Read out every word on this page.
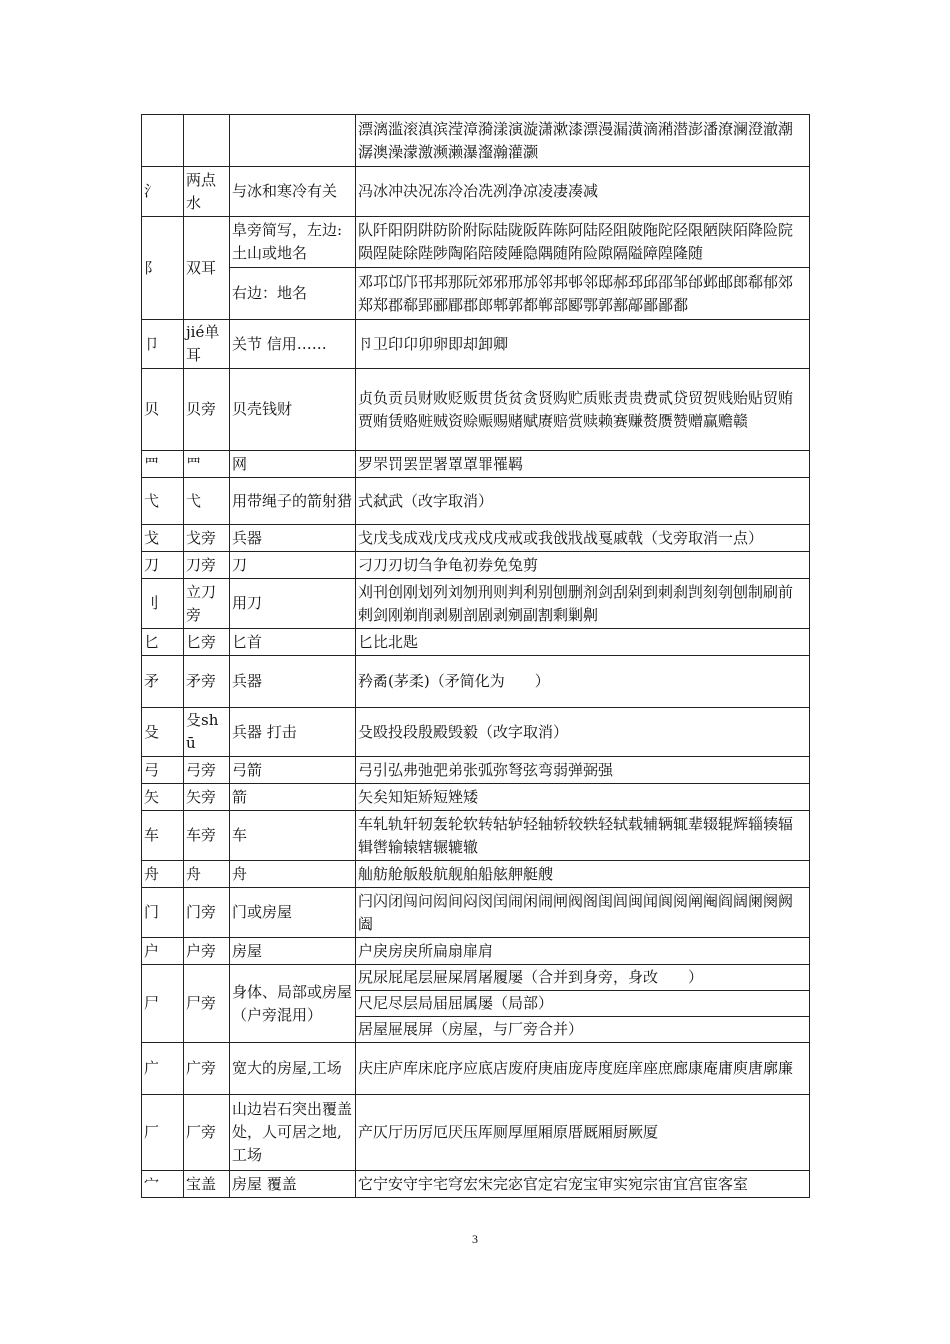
			漂漓滥滚滇滨滢漳漪漾演漩潇漱漆漂漫漏潢滴潲潜澎潘潦澜澄澈潮潺澳澡濛激濒濑瀑瀣瀚灌灏
氵	两点水	与冰和寒冷有关	冯冰冲决况冻冷冶冼冽净凉凌凄凑减
阝	双耳	阜旁简写，左边:土山或地名	队阡阳阴阱防阶附际陆陇阪阵陈阿陆陉阻陂陁陀陉限陋陕陌降险院陨陧陡除陛陟陶陷陪陵陲隐隅随陏险隙隔隘障隍隆随
		右边：地名	邓邛邙邝邗邦那阮郊邪邢邡邻邦邨邻邸郝邳邱邵邹邰邺邮郎郗郁郊郑郑郡郗郢郦郿郡郎郫郭都郸部郾鄂郭鄯鄗鄙鄙鄱
卩	jié单耳	关节 信用……	卪卫印卬卯卵即却卸卿
贝	贝旁	贝壳钱财	贞负贡员财败贬贩贯货贫贪贤购贮质账责贵费贰贷贸贺贱贻贴贸贿贾贿赁赂赃贼资赊赈赐赌赋赓赔赏赎赖赛赚赘赝赞赠赢赡赣
罒	罒	网	罗罘罚罢罡署罩罩罪罹羁
弋	弋	用带绳子的箭射猎	式弑武（改字取消）
戈	戈旁	兵器	戈戊戋成戏戊戌戎戍戌戒或我戗戕战戛戚戟（戈旁取消一点）
刀	刀旁	刀	刁刀刃切刍争龟初券免兔剪
刂	立刀旁	用刀	刈刊创刚划列刘刎刑则判利别刨删剂剑刮剁到刺刹剀刻刳刨制刷前剌剑刚剃削剥剔剖剧剥剜副割剩剿劓
匕	匕旁	匕首	匕比北匙
矛	矛旁	兵器	矜矞(茅柔)（矛简化为　　）
殳	殳shū	兵器 打击	殳殴投段殷殿毁毅（改字取消）
弓	弓旁	弓箭	弓引弘弗弛弝弟张弧弥弩弦弯弱弹弼强
矢	矢旁	箭	矢矣知矩矫短矬矮
车	车旁	车	车轧轨轩轫轰轮软转轱轳轻轴轿较轶轻轼载辅辆辄辈辍辊辉辎辏辐辑辔输辕辖辗辘辙
舟	舟	舟	舢舫舱舨般航舰舶船舷舺艇艘
门	门旁	门或房屋	闩闪闭闯问闳间闷闵闰闹闲闹闸阀阁闺闾闽闻阆阅阐阉阎阔阑阕阙阖
户	户旁	房屋	户戾房戾所扁扇扉肩
尸	尸旁	身体、局部或房屋（户旁混用）	尻尿屁尾层屉屎屑屠履屡（合并到身旁，身改　　）
			尺尼尽层局届屈属屡（局部）
			居屋屉展屏（房屋，与厂旁合并）
广	广旁	宽大的房屋,工场	庆庄庐库床庇序应底店废府庚庙庞庤度庭庠座庶廊康庵庸庾唐廓廉
厂	厂旁	山边岩石突出覆盖处，人可居之地,工场	产仄厅历厉厄厌压厍厕厚厘厢原厝厩厢厨厥厦
宀	宝盖	房屋 覆盖	它宁安守宇宅穹宏宋完宓官定宕宠宝审实宛宗宙宜宫宦客室
3
